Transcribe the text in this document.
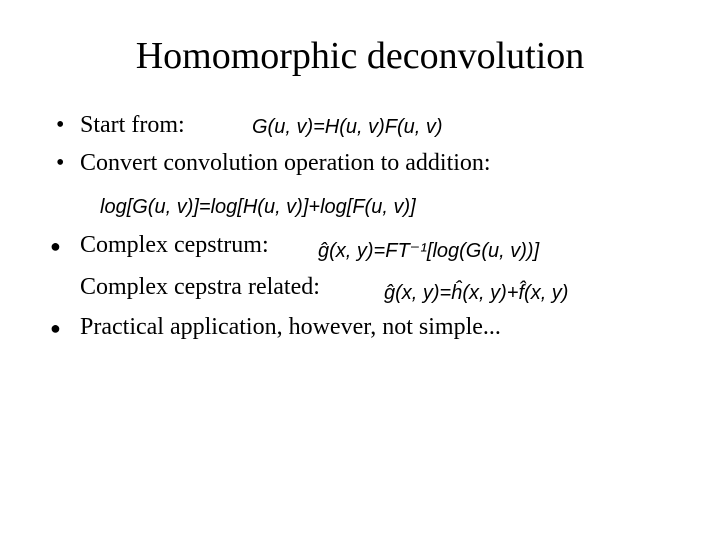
Homomorphic deconvolution
• Start from:	G(u, v)=H(u, v)F(u, v)
• Convert convolution operation to addition:
log[G(u, v)]=log[H(u, v)]+log[F(u, v)]
● Complex cepstrum: ĝ(x, y)=FT⁻¹[log(G(u, v))]
Complex cepstra related:	ĝ(x, y)=ĥ(x, y)+f̂(x, y)
● Practical application, however, not simple...
